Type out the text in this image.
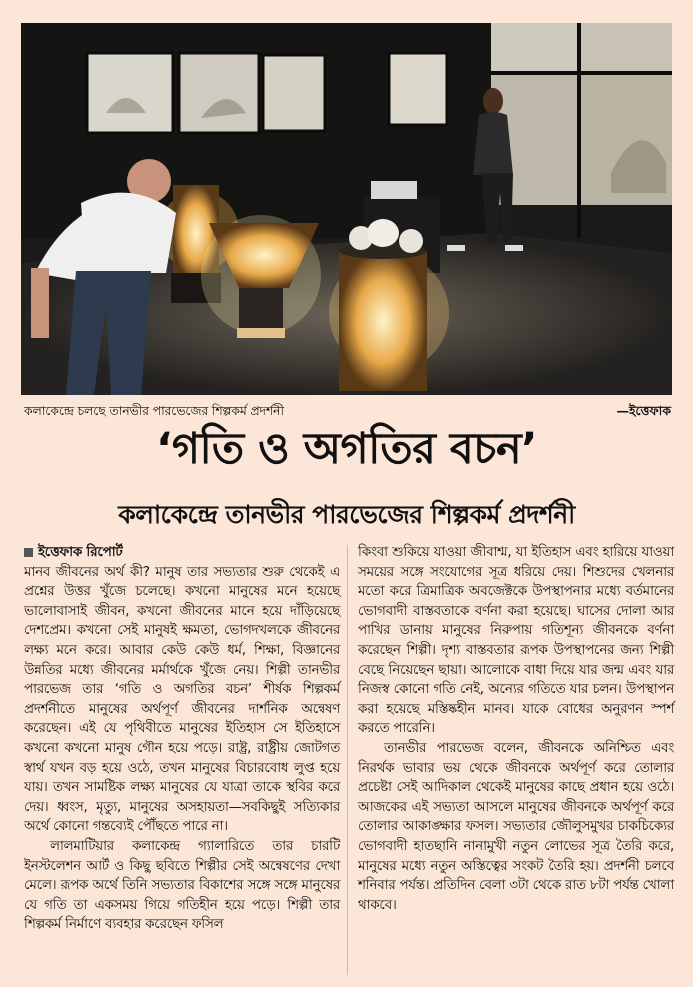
কলাকেন্দ্রে চলছে তানভীর পারভেজের শিল্পকর্ম প্রদর্শনী	—ইত্তেফাক
‘গতি ও অগতির বচন’
কলাকেন্দ্রে তানভীর পারভেজের শিল্পকর্ম প্রদর্শনী
ইত্তেফাক রিপোর্ট

মানব জীবনের অর্থ কী? মানুষ তার সভ্যতার শুরু থেকেই এ প্রশ্নের উত্তর খুঁজে চলেছে। কখনো মানুষের মনে হয়েছে ভালোবাসাই জীবন, কখনো জীবনের মানে হয়ে দাঁড়িয়েছে দেশপ্রেম। কখনো সেই মানুষই ক্ষমতা, ভোগদখলকে জীবনের লক্ষ্য মনে করে। আবার কেউ কেউ ধর্ম, শিক্ষা, বিজ্ঞানের উন্নতির মধ্যে জীবনের মর্মার্থকে খুঁজে নেয়। শিল্পী তানভীর পারভেজ তার ‘গতি ও অগতির বচন’ শীর্ষক শিল্পকর্ম প্রদর্শনীতে মানুষের অর্থপূর্ণ জীবনের দার্শনিক অন্বেষণ করেছেন। এই যে পৃথিবীতে মানুষের ইতিহাস সে ইতিহাসে কখনো কখনো মানুষ গৌন হয়ে পড়ে। রাষ্ট্র, রাষ্ট্রীয় জোটগত স্বার্থ যখন বড় হয়ে ওঠে, তখন মানুষের বিচারবোধ লুপ্ত হয়ে যায়। তখন সামষ্টিক লক্ষ্য মানুষের যে যাত্রা তাকে স্থবির করে দেয়। ধ্বংস, মৃত্যু, মানুষের অসহায়তা—সবকিছুই সত্যিকার অর্থে কোনো গন্তব্যেই পৌঁছতে পারে না।

লালমাটিয়ার কলাকেন্দ্র গ্যালারিতে তার চারটি ইনস্টলেশন আর্ট ও কিছু ছবিতে শিল্পীর সেই অন্বেষণের দেখা মেলে। রূপক অর্থে তিনি সভ্যতার বিকাশের সঙ্গে সঙ্গে মানুষের যে গতি তা একসময় গিয়ে গতিহীন হয়ে পড়ে। শিল্পী তার শিল্পকর্ম নির্মাণে ব্যবহার করেছেন ফসিল

কিংবা শুকিয়ে যাওয়া জীবাশ্ম, যা ইতিহাস এবং হারিয়ে যাওয়া সময়ের সঙ্গে সংযোগের সূত্র ধরিয়ে দেয়। শিশুদের খেলনার মতো করে ত্রিমাত্রিক অবজেক্টকে উপস্থাপনার মধ্যে বর্তমানের ভোগবাদী বাস্তবতাকে বর্ণনা করা হয়েছে। ঘাসের দোলা আর পাখির ডানায় মানুষের নিরুপায় গতিশূন্য জীবনকে বর্ণনা করেছেন শিল্পী। দৃশ্য বাস্তবতার রূপক উপস্থাপনের জন্য শিল্পী বেছে নিয়েছেন ছায়া। আলোকে বাধা দিয়ে যার জন্ম এবং যার নিজস্ব কোনো গতি নেই, অন্যের গতিতে যার চলন। উপস্থাপন করা হয়েছে মস্তিষ্কহীন মানব। যাকে বোধের অনুরণন স্পর্শ করতে পারেনি।

তানভীর পারভেজ বলেন, জীবনকে অনিশ্চিত এবং নিরর্থক ভাবার ভয় থেকে জীবনকে অর্থপূর্ণ করে তোলার প্রচেষ্টা সেই আদিকাল থেকেই মানুষের কাছে প্রধান হয়ে ওঠে। আজকের এই সভ্যতা আসলে মানুষের জীবনকে অর্থপূর্ণ করে তোলার আকাঙ্ক্ষার ফসল। সভ্যতার জৌলুসমুখর চাকচিক্যের ভোগবাদী হাতছানি নানামুখী নতুন লোভের সূত্র তৈরি করে, মানুষের মধ্যে নতুন অস্তিত্বের সংকট তৈরি হয়। প্রদর্শনী চলবে শনিবার পর্যন্ত। প্রতিদিন বেলা ৩টা থেকে রাত ৮টা পর্যন্ত খোলা থাকবে।
